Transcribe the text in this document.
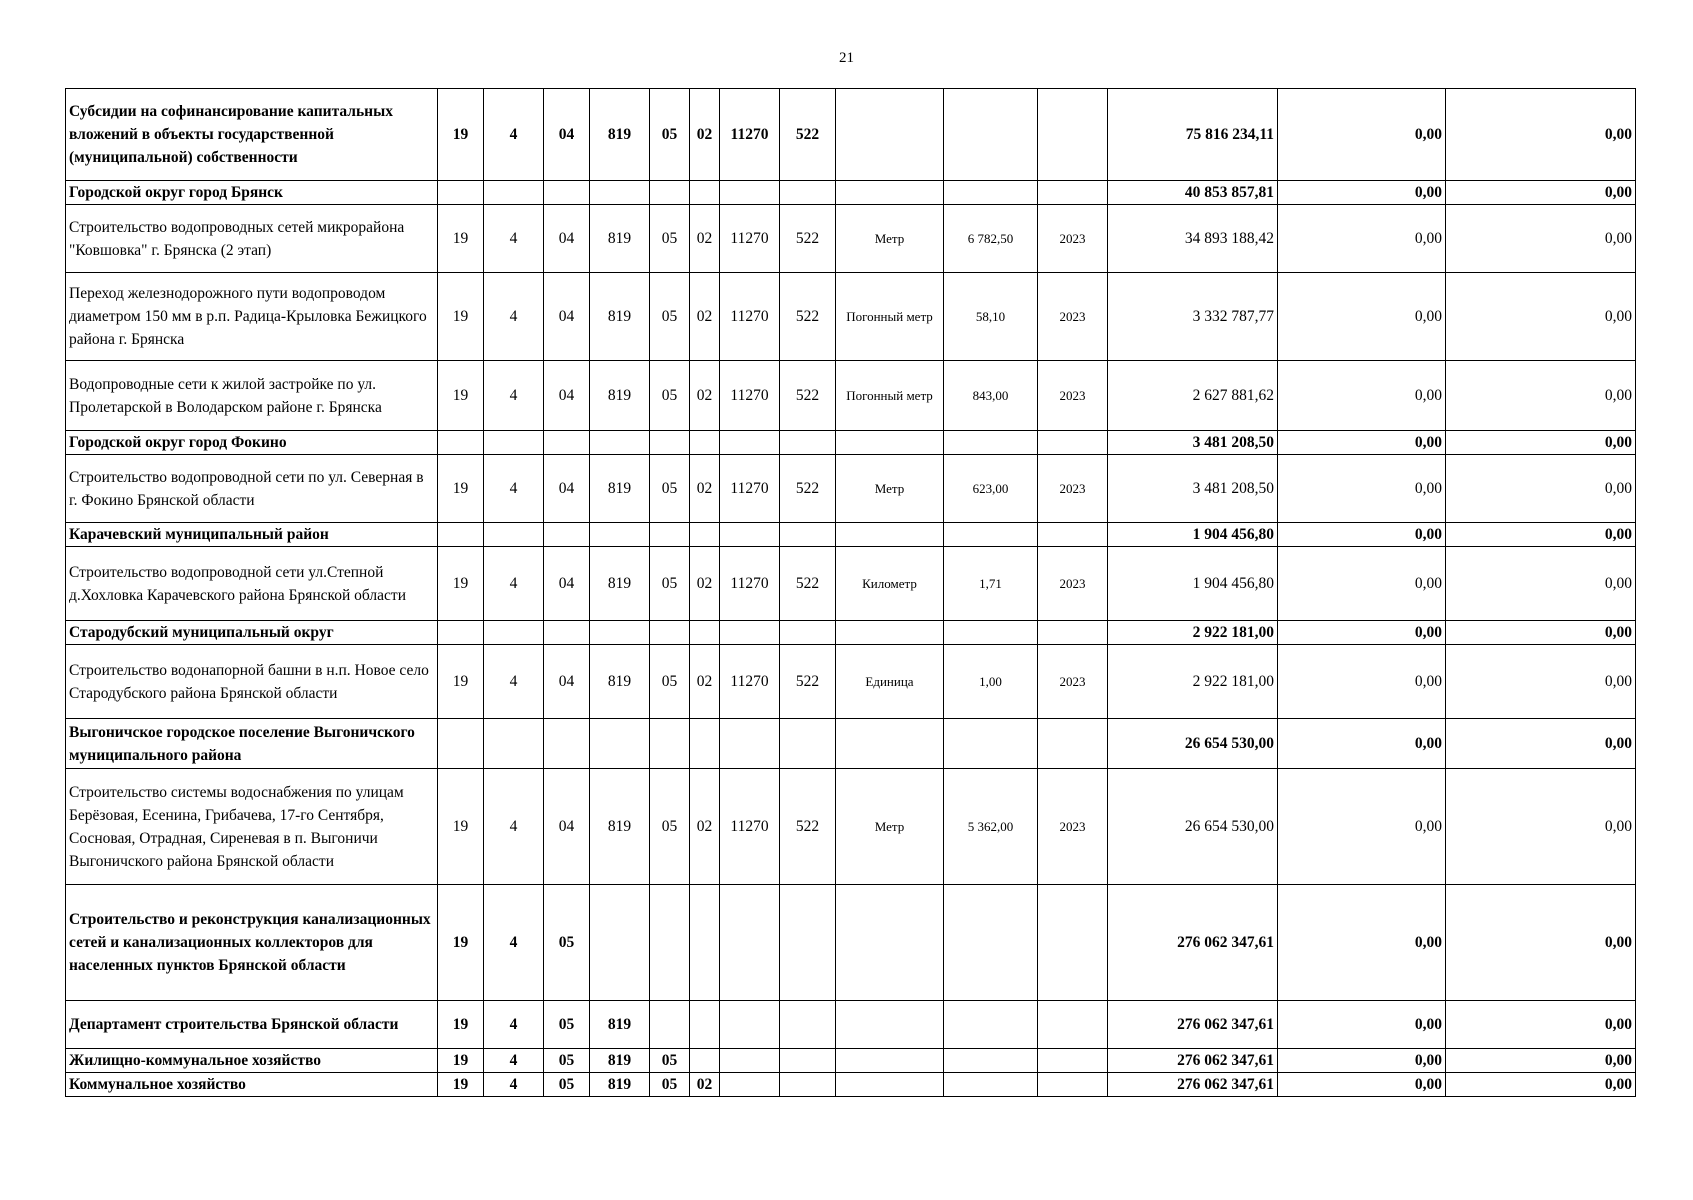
21
Субсидии на софинансирование капитальных вложений в объекты государственной (муниципальной) собственности	19	4	04	819	05	02	11270	522				75 816 234,11	0,00	0,00
Городской округ город Брянск												40 853 857,81	0,00	0,00
Строительство водопроводных сетей микрорайона "Ковшовка" г. Брянска (2 этап)	19	4	04	819	05	02	11270	522	Метр	6 782,50	2023	34 893 188,42	0,00	0,00
Переход железнодорожного пути водопроводом диаметром 150 мм в р.п. Радица-Крыловка Бежицкого района г. Брянска	19	4	04	819	05	02	11270	522	Погонный метр	58,10	2023	3 332 787,77	0,00	0,00
Водопроводные сети к жилой застройке по ул. Пролетарской в Володарском районе г. Брянска	19	4	04	819	05	02	11270	522	Погонный метр	843,00	2023	2 627 881,62	0,00	0,00
Городской округ город Фокино												3 481 208,50	0,00	0,00
Строительство водопроводной сети по ул. Северная в г. Фокино Брянской области	19	4	04	819	05	02	11270	522	Метр	623,00	2023	3 481 208,50	0,00	0,00
Карачевский муниципальный район												1 904 456,80	0,00	0,00
Строительство водопроводной сети ул.Степной д.Хохловка Карачевского района Брянской области	19	4	04	819	05	02	11270	522	Километр	1,71	2023	1 904 456,80	0,00	0,00
Стародубский муниципальный округ												2 922 181,00	0,00	0,00
Строительство водонапорной башни в н.п. Новое село Стародубского района Брянской области	19	4	04	819	05	02	11270	522	Единица	1,00	2023	2 922 181,00	0,00	0,00
Выгоничское городское поселение Выгоничского муниципального района												26 654 530,00	0,00	0,00
Строительство системы водоснабжения по улицам Берёзовая, Есенина, Грибачева, 17-го Сентября, Сосновая, Отрадная, Сиреневая в п. Выгоничи Выгоничского района Брянской области	19	4	04	819	05	02	11270	522	Метр	5 362,00	2023	26 654 530,00	0,00	0,00
Строительство и реконструкция канализационных сетей и канализационных коллекторов для населенных пунктов Брянской области	19	4	05									276 062 347,61	0,00	0,00
Департамент строительства Брянской области	19	4	05	819								276 062 347,61	0,00	0,00
Жилищно-коммунальное хозяйство	19	4	05	819	05							276 062 347,61	0,00	0,00
Коммунальное хозяйство	19	4	05	819	05	02						276 062 347,61	0,00	0,00
